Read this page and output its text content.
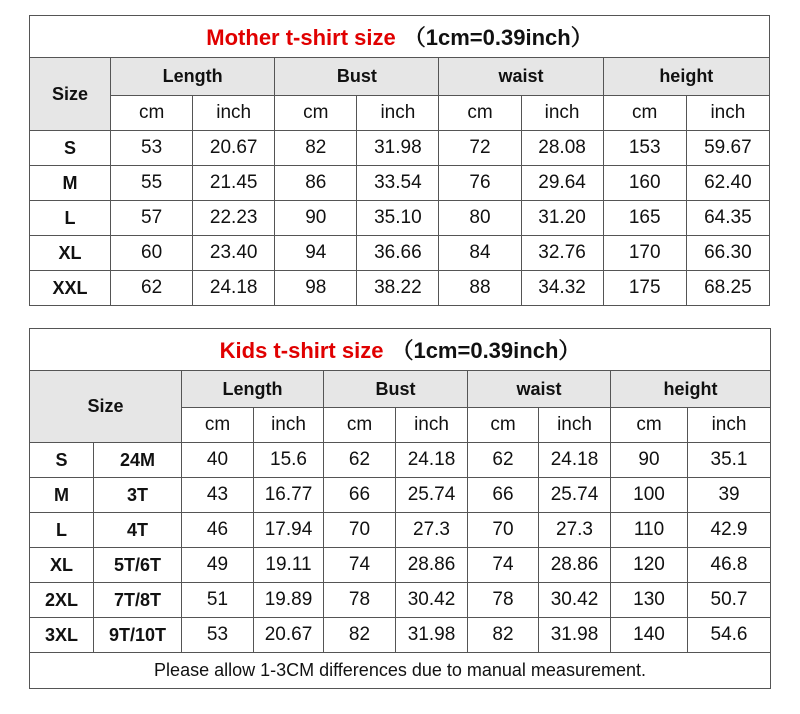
Mother t-shirt size （1cm=0.39inch）								
Size	Length		Bust		waist		height	
	cm	inch	cm	inch	cm	inch	cm	inch
S	53	20.67	82	31.98	72	28.08	153	59.67
M	55	21.45	86	33.54	76	29.64	160	62.40
L	57	22.23	90	35.10	80	31.20	165	64.35
XL	60	23.40	94	36.66	84	32.76	170	66.30
XXL	62	24.18	98	38.22	88	34.32	175	68.25
Kids t-shirt size （1cm=0.39inch）									
Size		Length		Bust		waist		height	
		cm	inch	cm	inch	cm	inch	cm	inch
S	24M	40	15.6	62	24.18	62	24.18	90	35.1
M	3T	43	16.77	66	25.74	66	25.74	100	39
L	4T	46	17.94	70	27.3	70	27.3	110	42.9
XL	5T/6T	49	19.11	74	28.86	74	28.86	120	46.8
2XL	7T/8T	51	19.89	78	30.42	78	30.42	130	50.7
3XL	9T/10T	53	20.67	82	31.98	82	31.98	140	54.6
Please allow 1-3CM differences due to manual measurement.									
